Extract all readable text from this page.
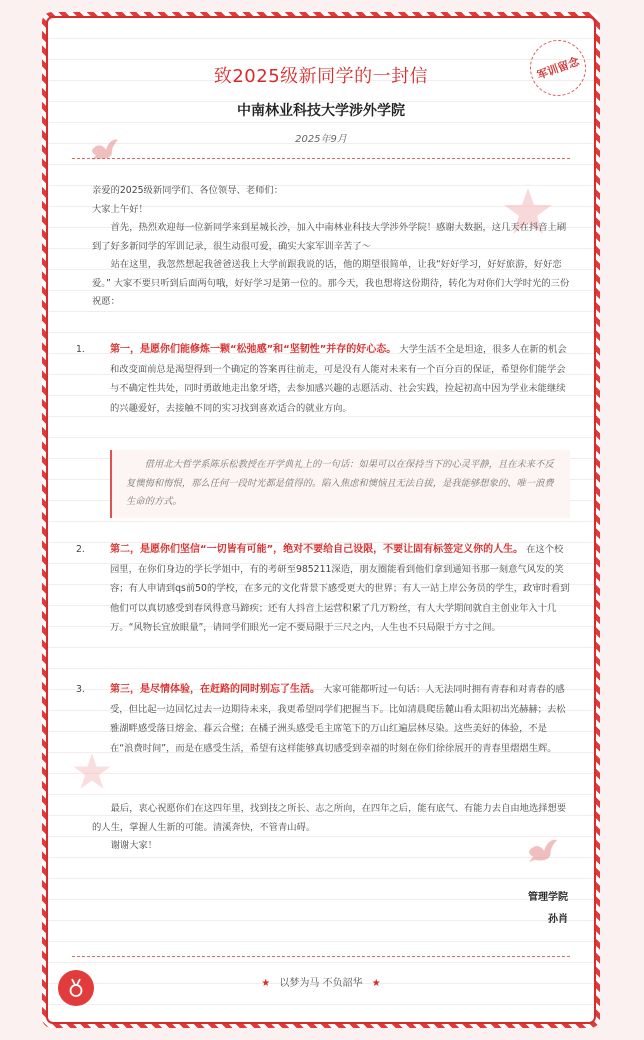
军训留念
致2025级新同学的一封信
中南林业科技大学涉外学院
2025年9月

亲爱的2025级新同学们、各位领导、老师们：

大家上午好！

首先，热烈欢迎每一位新同学来到星城长沙，加入中南林业科技大学涉外学院！感谢大数据，这几天在抖音上刷到了好多新同学的军训记录，很生动很可爱，确实大家军训辛苦了～

站在这里，我忽然想起我爸爸送我上大学前跟我说的话，他的期望很简单，让我“好好学习，好好旅游，好好恋爱。” 大家不要只听到后面两句哦，好好学习是第一位的。那今天，我也想将这份期待，转化为对你们大学时光的三份祝愿：

1.	第一，是愿你们能修炼一颗“松弛感”和“坚韧性”并存的好心态。 大学生活不全是坦途，很多人在新的机会和改变面前总是渴望得到一个确定的答案再往前走，可是没有人能对未来有一个百分百的保证，希望你们能学会与不确定性共处，同时勇敢地走出象牙塔，去参加感兴趣的志愿活动、社会实践，捡起初高中因为学业未能继续的兴趣爱好，去接触不同的实习找到喜欢适合的就业方向。
借用北大哲学系陈乐松教授在开学典礼上的一句话：如果可以在保持当下的心灵平静，且在未来不反复懊悔和悔恨，那么任何一段时光都是值得的。陷入焦虑和懊恼且无法自拔，是我能够想象的、唯一浪费生命的方式。
2.	第二，是愿你们坚信“一切皆有可能”，绝对不要给自己设限，不要让固有标签定义你的人生。 在这个校园里，在你们身边的学长学姐中，有的考研至985211深造，朋友圈能看到他们拿到通知书那一刻意气风发的笑容；有人申请到qs前50的学校，在多元的文化背景下感受更大的世界；有人一站上岸公务员的学生，政审时看到他们可以真切感受到春风得意马蹄疾；还有人抖音上运营积累了几万粉丝，有人大学期间就自主创业年入十几万。“风物长宜放眼量”，请同学们眼光一定不要局限于三尺之内，人生也不只局限于方寸之间。
3.	第三，是尽情体验，在赶路的同时别忘了生活。 大家可能都听过一句话：人无法同时拥有青春和对青春的感受，但比起一边回忆过去一边期待未来，我更希望同学们把握当下。比如清晨爬岳麓山看太阳初出光赫赫；去松雅湖畔感受落日熔金、暮云合璧；在橘子洲头感受毛主席笔下的万山红遍层林尽染。这些美好的体验，不是在“浪费时间”，而是在感受生活，希望有这样能够真切感受到幸福的时刻在你们徐徐展开的青春里熠熠生辉。

最后，衷心祝愿你们在这四年里，找到技之所长、志之所向，在四年之后，能有底气、有能力去自由地选择想要的人生，掌握人生新的可能。清溪奔快，不管青山碍。

谢谢大家！

管理学院
孙肖
★ 以梦为马 不负韶华 ★
